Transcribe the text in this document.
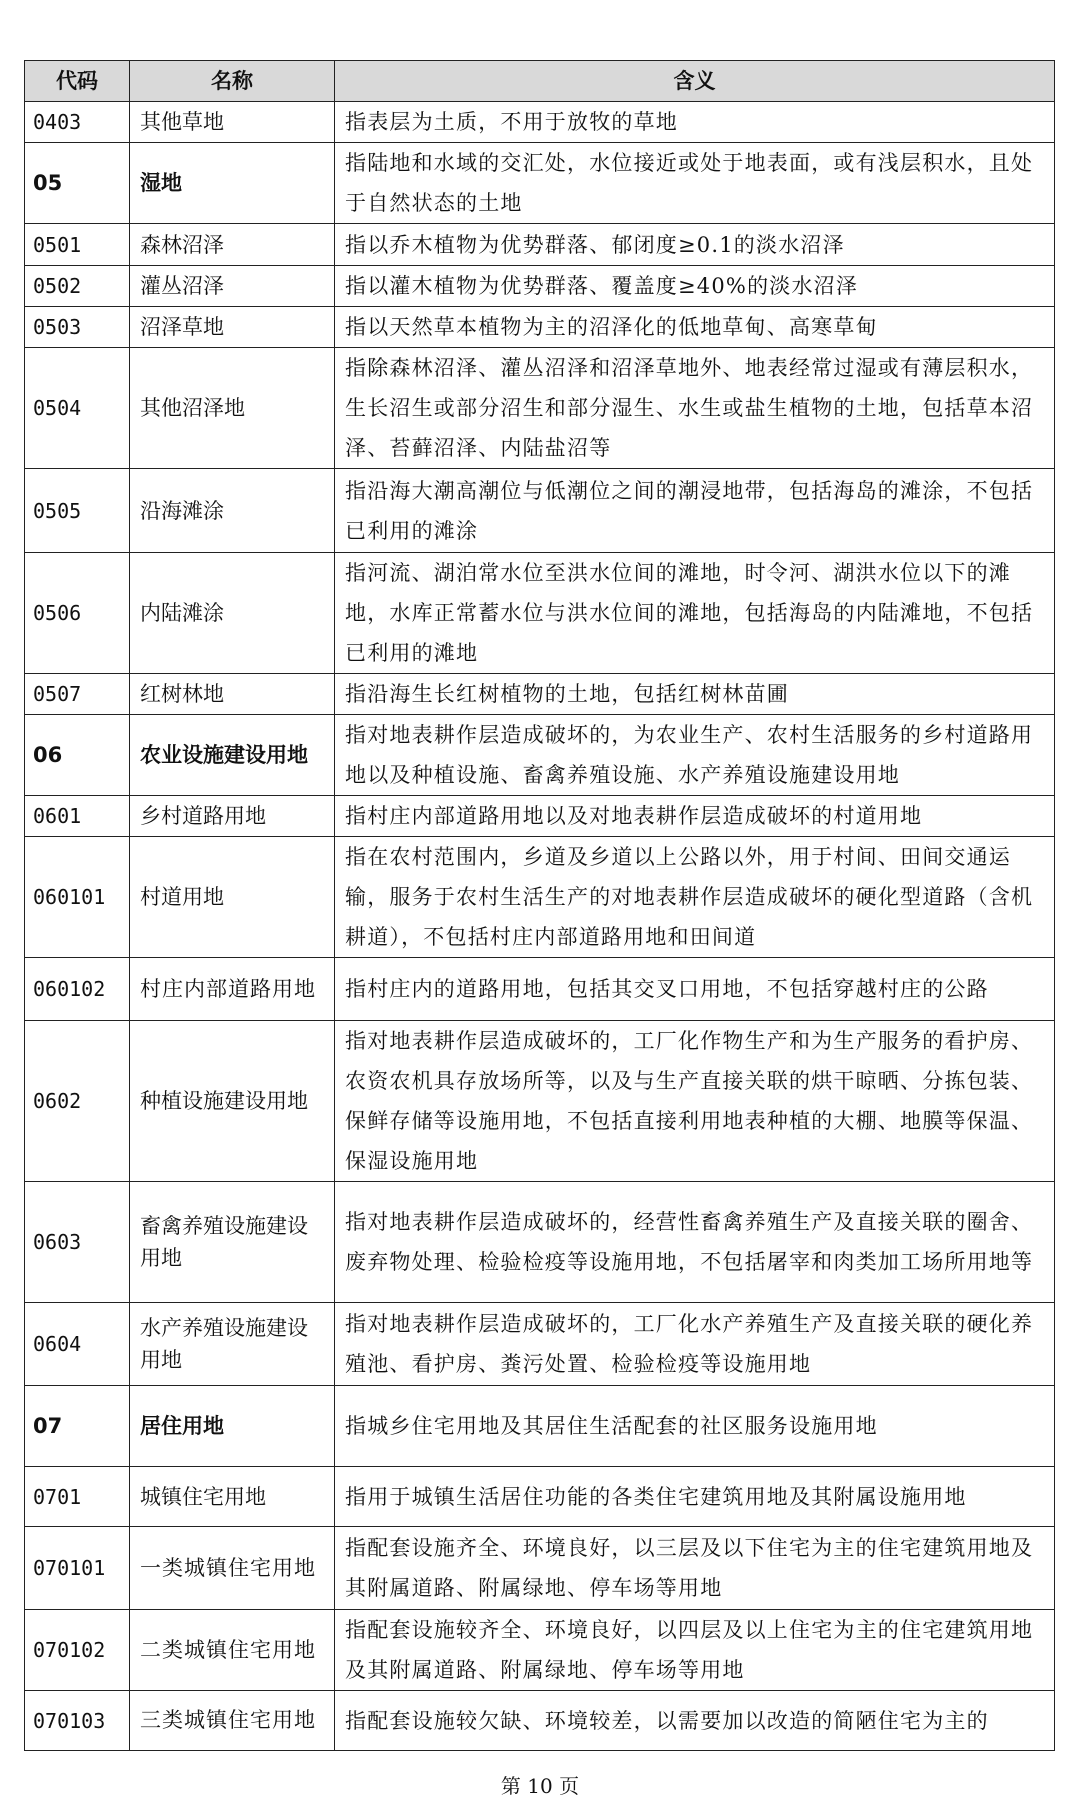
代码	名称	含义
0403	其他草地	指表层为土质，不用于放牧的草地
05	湿地	指陆地和水域的交汇处，水位接近或处于地表面，或有浅层积水，且处于自然状态的土地
0501	森林沼泽	指以乔木植物为优势群落、郁闭度≥0.1的淡水沼泽
0502	灌丛沼泽	指以灌木植物为优势群落、覆盖度≥40%的淡水沼泽
0503	沼泽草地	指以天然草本植物为主的沼泽化的低地草甸、高寒草甸
0504	其他沼泽地	指除森林沼泽、灌丛沼泽和沼泽草地外、地表经常过湿或有薄层积水，生长沼生或部分沼生和部分湿生、水生或盐生植物的土地，包括草本沼泽、苔藓沼泽、内陆盐沼等
0505	沿海滩涂	指沿海大潮高潮位与低潮位之间的潮浸地带，包括海岛的滩涂，不包括已利用的滩涂
0506	内陆滩涂	指河流、湖泊常水位至洪水位间的滩地，时令河、湖洪水位以下的滩地，水库正常蓄水位与洪水位间的滩地，包括海岛的内陆滩地，不包括已利用的滩地
0507	红树林地	指沿海生长红树植物的土地，包括红树林苗圃
06	农业设施建设用地	指对地表耕作层造成破坏的，为农业生产、农村生活服务的乡村道路用地以及种植设施、畜禽养殖设施、水产养殖设施建设用地
0601	乡村道路用地	指村庄内部道路用地以及对地表耕作层造成破坏的村道用地
060101	村道用地	指在农村范围内，乡道及乡道以上公路以外，用于村间、田间交通运输，服务于农村生活生产的对地表耕作层造成破坏的硬化型道路（含机耕道），不包括村庄内部道路用地和田间道
060102	村庄内部道路用地	指村庄内的道路用地，包括其交叉口用地，不包括穿越村庄的公路
0602	种植设施建设用地	指对地表耕作层造成破坏的，工厂化作物生产和为生产服务的看护房、农资农机具存放场所等，以及与生产直接关联的烘干晾晒、分拣包装、保鲜存储等设施用地，不包括直接利用地表种植的大棚、地膜等保温、保湿设施用地
0603	畜禽养殖设施建设用地	指对地表耕作层造成破坏的，经营性畜禽养殖生产及直接关联的圈舍、废弃物处理、检验检疫等设施用地，不包括屠宰和肉类加工场所用地等
0604	水产养殖设施建设用地	指对地表耕作层造成破坏的，工厂化水产养殖生产及直接关联的硬化养殖池、看护房、粪污处置、检验检疫等设施用地
07	居住用地	指城乡住宅用地及其居住生活配套的社区服务设施用地
0701	城镇住宅用地	指用于城镇生活居住功能的各类住宅建筑用地及其附属设施用地
070101	一类城镇住宅用地	指配套设施齐全、环境良好，以三层及以下住宅为主的住宅建筑用地及其附属道路、附属绿地、停车场等用地
070102	二类城镇住宅用地	指配套设施较齐全、环境良好，以四层及以上住宅为主的住宅建筑用地及其附属道路、附属绿地、停车场等用地
070103	三类城镇住宅用地	指配套设施较欠缺、环境较差，以需要加以改造的简陋住宅为主的
第 10 页
